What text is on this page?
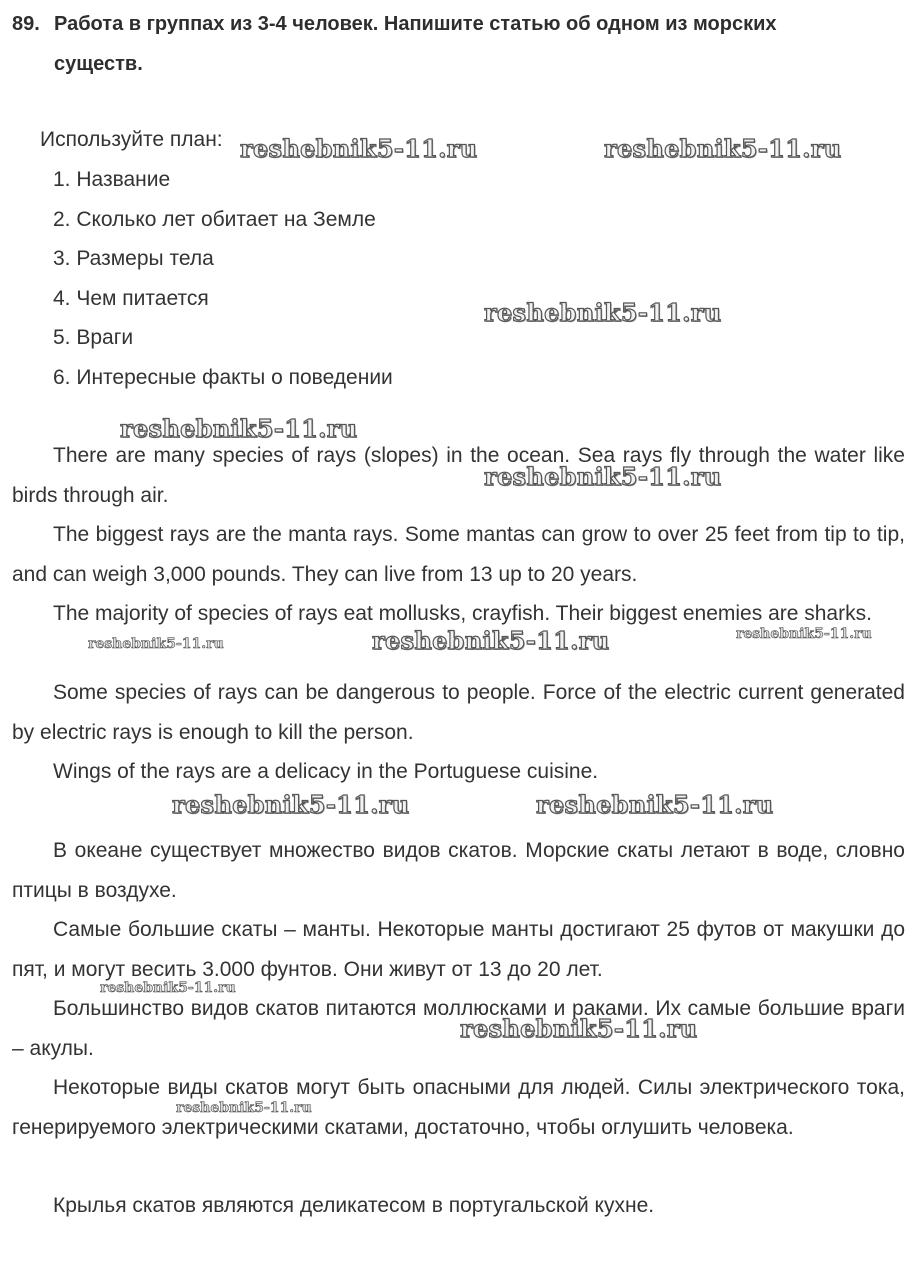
89. Работа в группах из 3-4 человек. Напишите статью об одном из морских
существ.
Используйте план:
1. Название
2. Сколько лет обитает на Земле
3. Размеры тела
4. Чем питается
5. Враги
6. Интересные факты о поведении

There are many species of rays (slopes) in the ocean. Sea rays fly through the water like birds through air.

The biggest rays are the manta rays. Some mantas can grow to over 25 feet from tip to tip, and can weigh 3,000 pounds. They can live from 13 up to 20 years.

The majority of species of rays eat mollusks, crayfish. Their biggest enemies are sharks.

Some species of rays can be dangerous to people. Force of the electric current generated by electric rays is enough to kill the person.

Wings of the rays are a delicacy in the Portuguese cuisine.

В океане существует множество видов скатов. Морские скаты летают в воде, словно птицы в воздухе.

Самые большие скаты – манты. Некоторые манты достигают 25 футов от макушки до пят, и могут весить 3.000 фунтов. Они живут от 13 до 20 лет.

Большинство видов скатов питаются моллюсками и раками. Их самые большие враги – акулы.

Некоторые виды скатов могут быть опасными для людей. Силы электрического тока, генерируемого электрическими скатами, достаточно, чтобы оглушить человека.

Крылья скатов являются деликатесом в португальской кухне.

reshebnik5-11.ru	reshebnik5-11.ru
reshebnik5-11.ru
reshebnik5-11.ru
reshebnik5-11.ru
reshebnik5-11.ru	reshebnik5-11.ru	reshebnik5-11.ru
reshebnik5-11.ru	reshebnik5-11.ru
reshebnik5-11.ru
reshebnik5-11.ru
reshebnik5-11.ru
